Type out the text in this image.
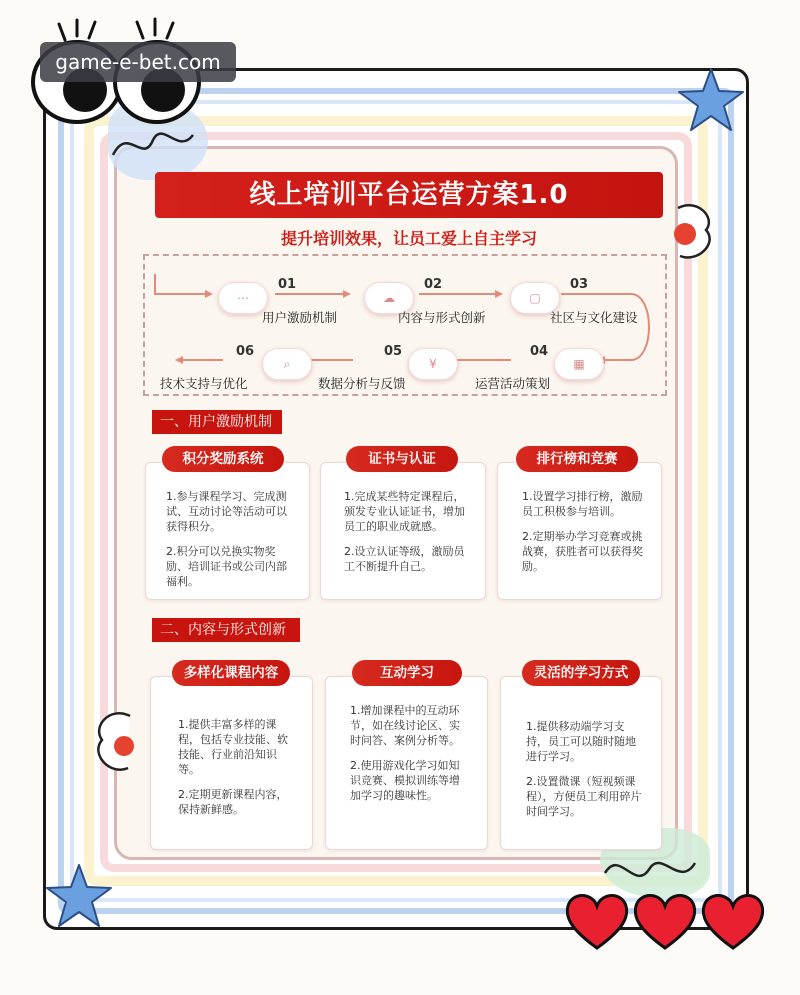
game-e-bet.com
线上培训平台运营方案1.0
提升培训效果，让员工爱上自主学习
⋯
01
用户激励机制
☁
02
内容与形式创新
▢
03
社区与文化建设
▦
04
运营活动策划
¥
05
数据分析与反馈
⌕
06
技术支持与优化
一、用户激励机制
积分奖励系统

1.参与课程学习、完成测试、互动讨论等活动可以获得积分。

2.积分可以兑换实物奖励、培训证书或公司内部福利。

证书与认证

1.完成某些特定课程后，颁发专业认证证书，增加员工的职业成就感。

2.设立认证等级，激励员工不断提升自己。

排行榜和竞赛

1.设置学习排行榜，激励员工积极参与培训。

2.定期举办学习竞赛或挑战赛，获胜者可以获得奖励。

二、内容与形式创新
多样化课程内容

1.提供丰富多样的课程，包括专业技能、软技能、行业前沿知识等。

2.定期更新课程内容，保持新鲜感。

互动学习

1.增加课程中的互动环节，如在线讨论区、实时问答、案例分析等。

2.使用游戏化学习如知识竞赛、模拟训练等增加学习的趣味性。

灵活的学习方式

1.提供移动端学习支持，员工可以随时随地进行学习。

2.设置微课（短视频课程），方便员工利用碎片时间学习。
